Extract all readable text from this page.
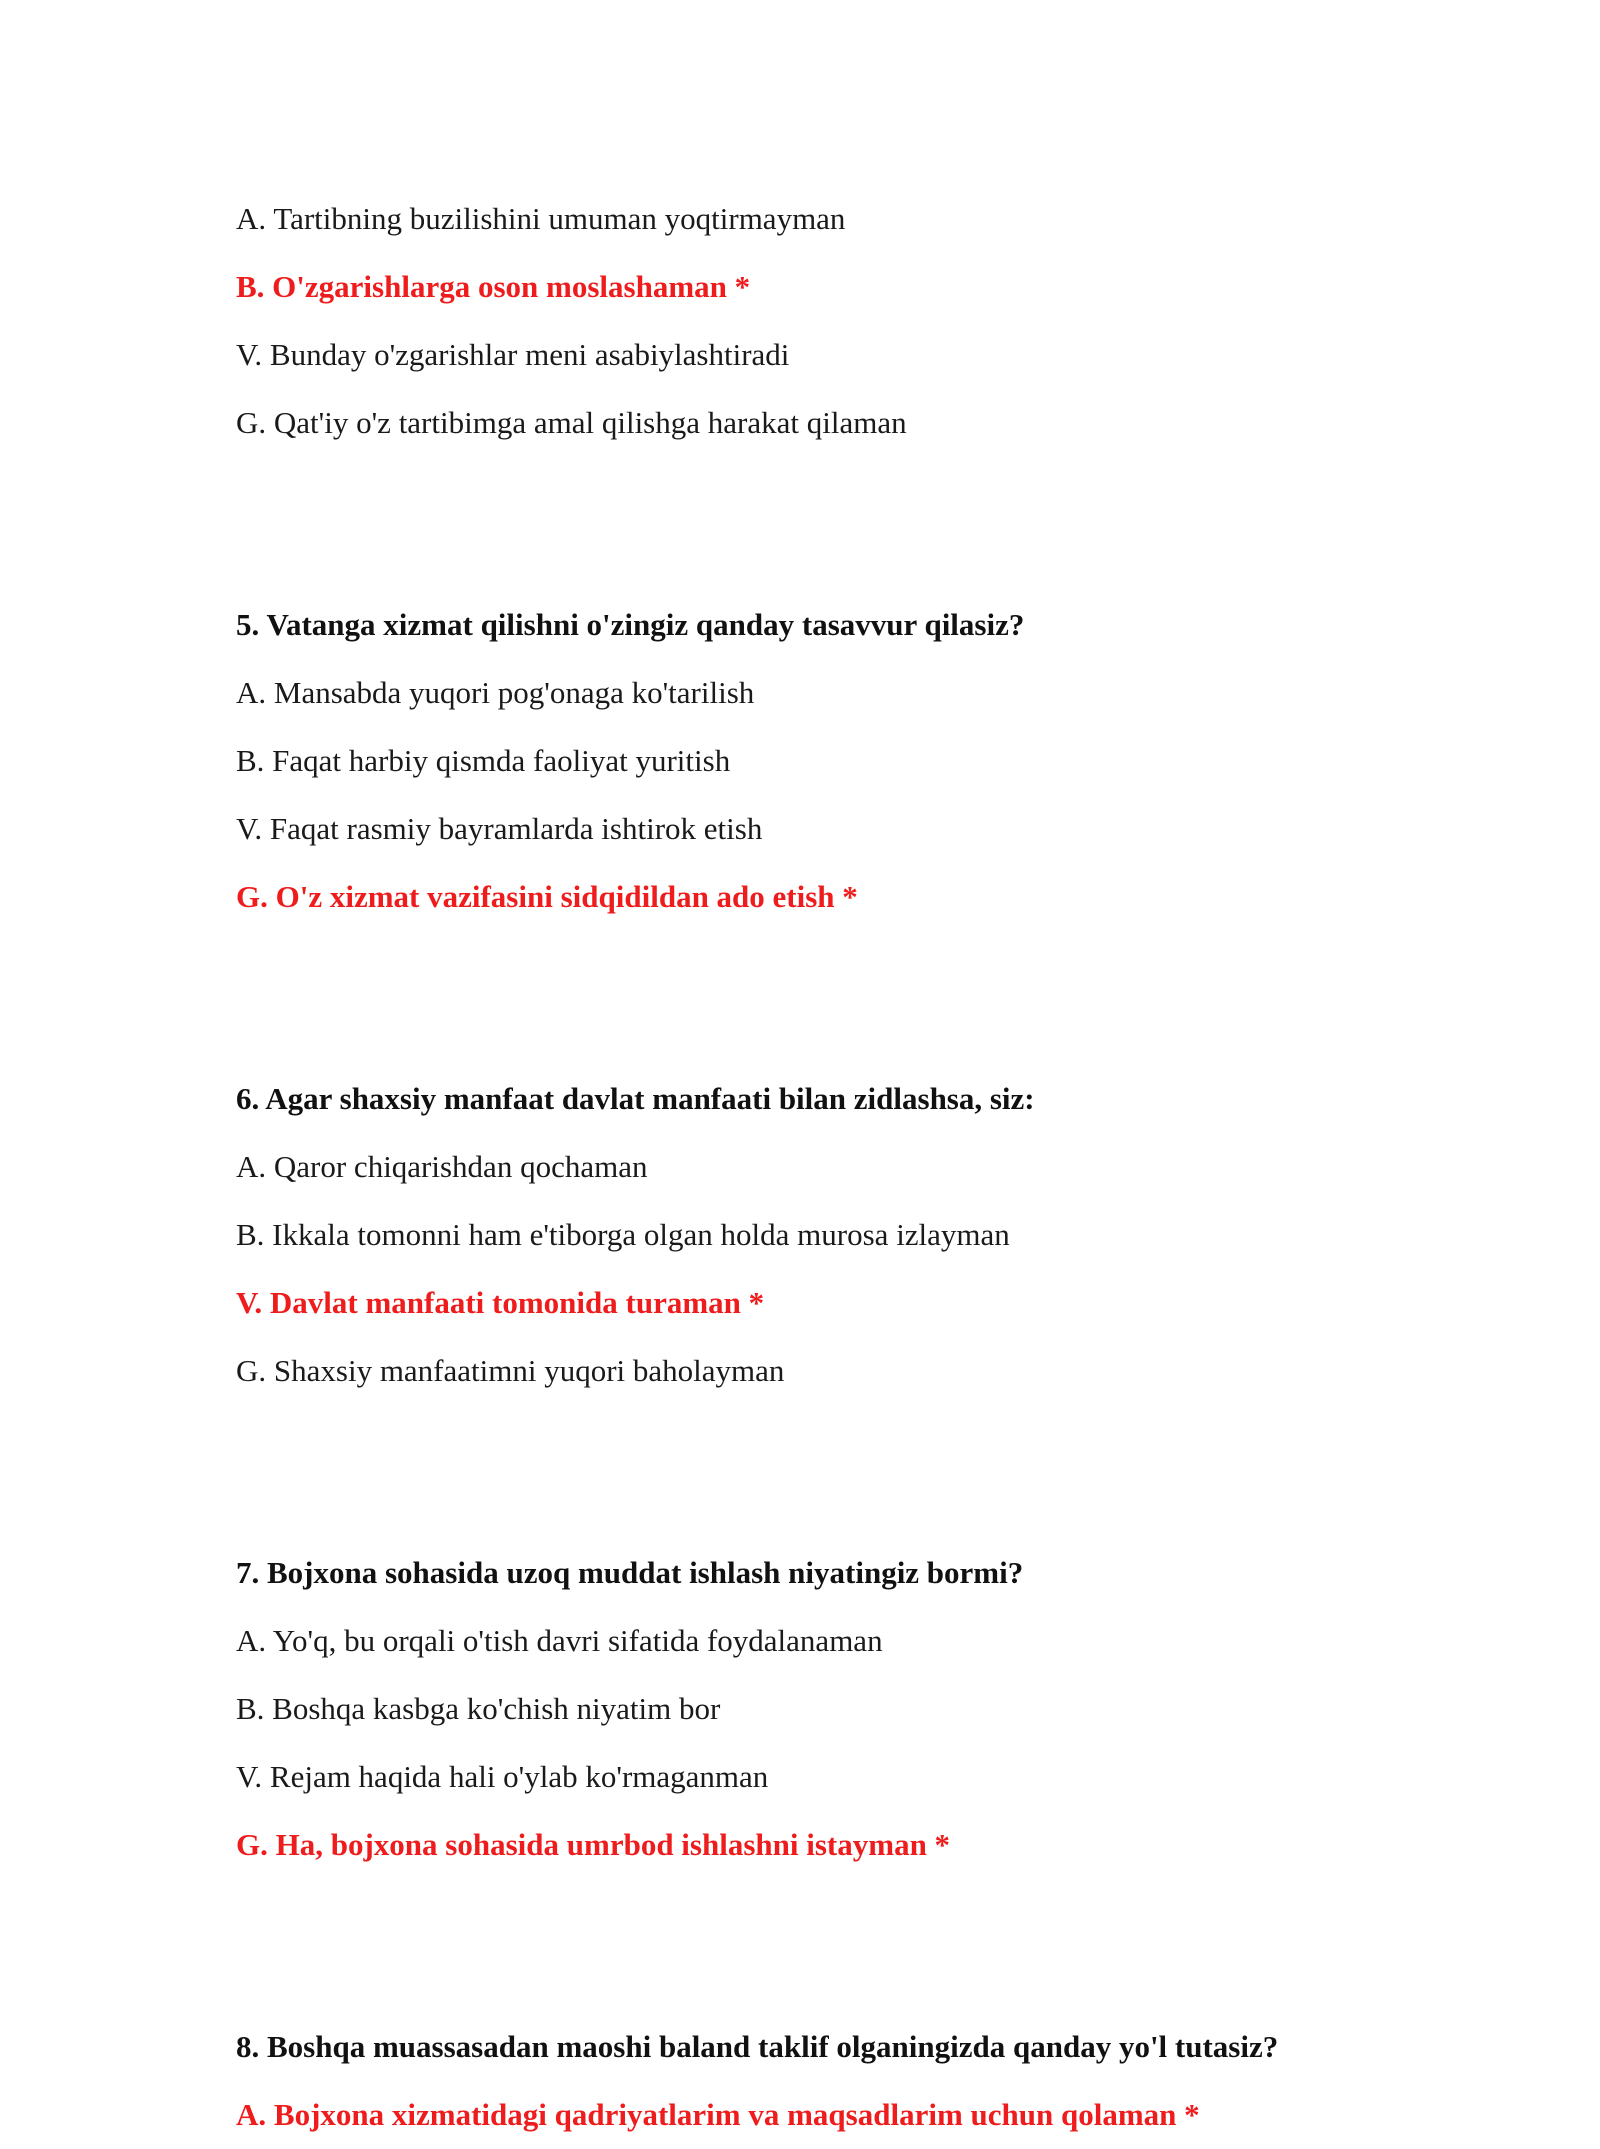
A. Tartibning buzilishini umuman yoqtirmayman
B. O'zgarishlarga oson moslashaman *
V. Bunday o'zgarishlar meni asabiylashtiradi
G. Qat'iy o'z tartibimga amal qilishga harakat qilaman
5. Vatanga xizmat qilishni o'zingiz qanday tasavvur qilasiz?
A. Mansabda yuqori pog'onaga ko'tarilish
B. Faqat harbiy qismda faoliyat yuritish
V. Faqat rasmiy bayramlarda ishtirok etish
G. O'z xizmat vazifasini sidqidildan ado etish *
6. Agar shaxsiy manfaat davlat manfaati bilan zidlashsa, siz:
A. Qaror chiqarishdan qochaman
B. Ikkala tomonni ham e'tiborga olgan holda murosa izlayman
V. Davlat manfaati tomonida turaman *
G. Shaxsiy manfaatimni yuqori baholayman
7. Bojxona sohasida uzoq muddat ishlash niyatingiz bormi?
A. Yo'q, bu orqali o'tish davri sifatida foydalanaman
B. Boshqa kasbga ko'chish niyatim bor
V. Rejam haqida hali o'ylab ko'rmaganman
G. Ha, bojxona sohasida umrbod ishlashni istayman *
8. Boshqa muassasadan maoshi baland taklif olganingizda qanday yo'l tutasiz?
A. Bojxona xizmatidagi qadriyatlarim va maqsadlarim uchun qolaman *
